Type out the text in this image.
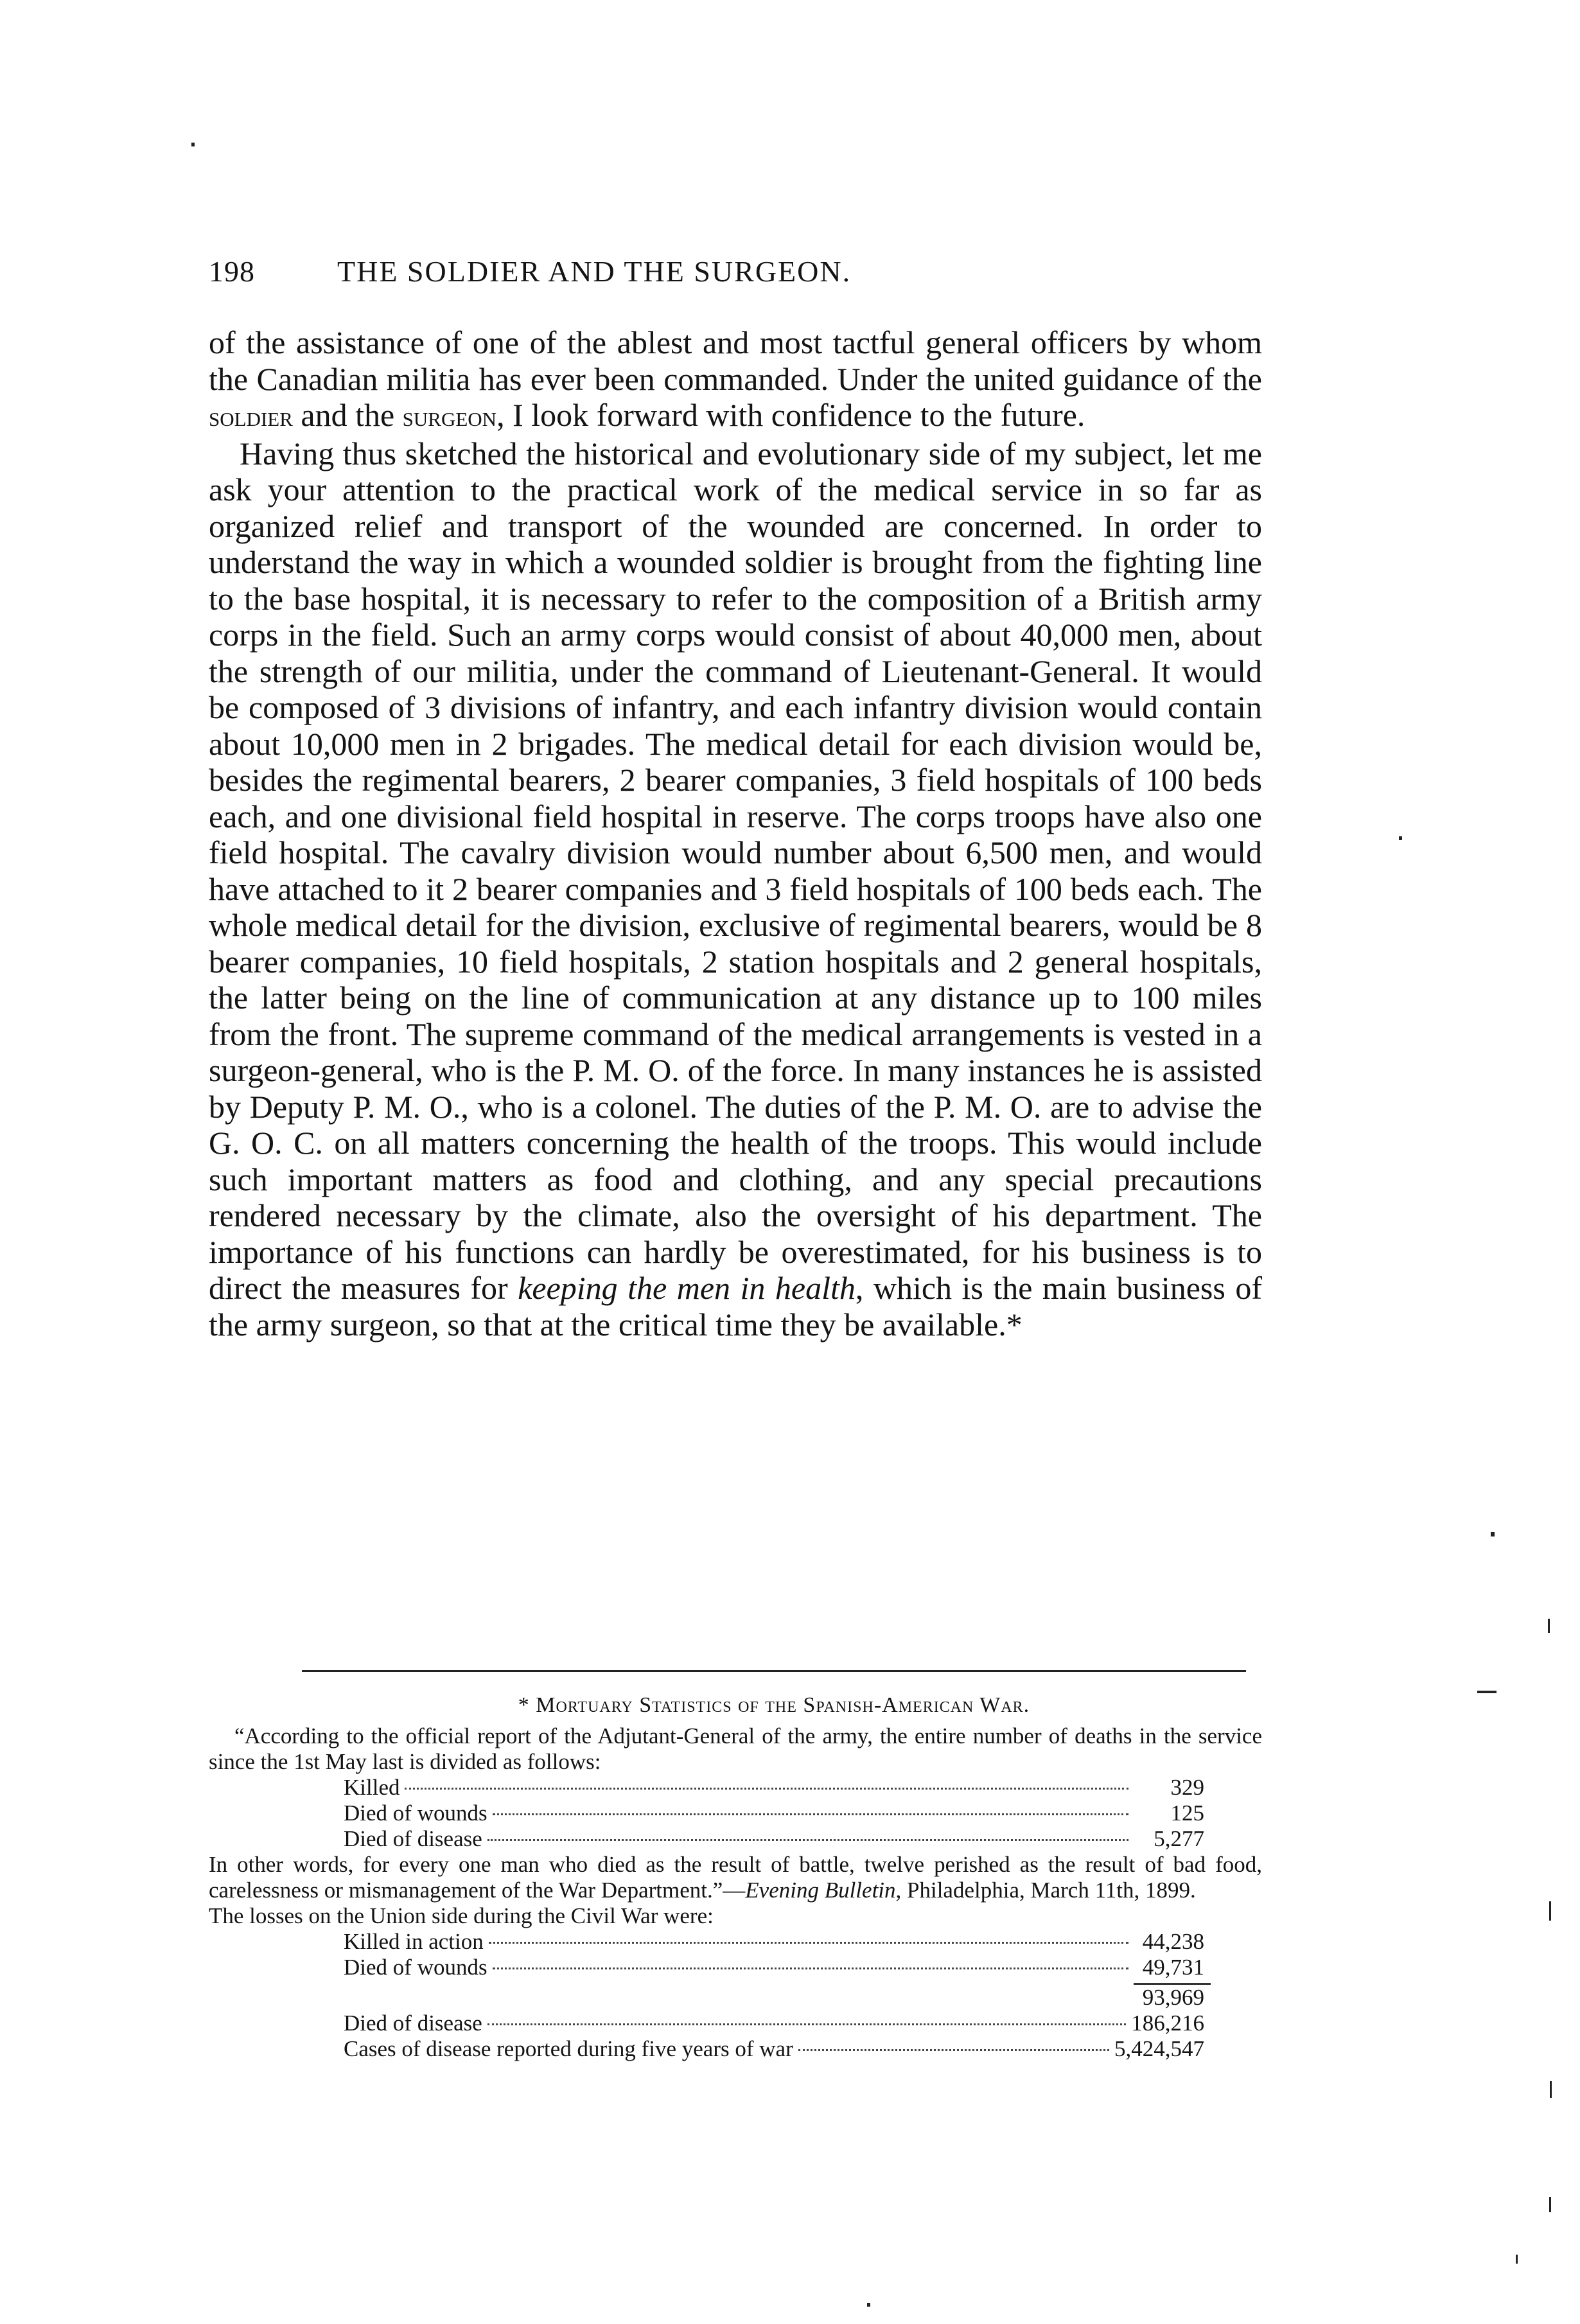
198	THE SOLDIER AND THE SURGEON.

of the assistance of one of the ablest and most tactful general officers by whom the Canadian militia has ever been commanded. Under the united guidance of the soldier and the surgeon, I look forward with confidence to the future.

Having thus sketched the historical and evolutionary side of my subject, let me ask your attention to the practical work of the medical service in so far as organized relief and transport of the wounded are concerned. In order to understand the way in which a wounded soldier is brought from the fighting line to the base hospital, it is necessary to refer to the composition of a British army corps in the field. Such an army corps would consist of about 40,000 men, about the strength of our militia, under the command of Lieutenant-General. It would be composed of 3 divisions of infantry, and each infantry division would contain about 10,000 men in 2 brigades. The medical detail for each division would be, besides the regimental bearers, 2 bearer companies, 3 field hospitals of 100 beds each, and one divisional field hospital in reserve. The corps troops have also one field hospital. The cavalry division would number about 6,500 men, and would have attached to it 2 bearer companies and 3 field hospitals of 100 beds each. The whole medical detail for the division, exclusive of regimental bearers, would be 8 bearer companies, 10 field hospitals, 2 station hospitals and 2 general hospitals, the latter being on the line of communication at any distance up to 100 miles from the front. The supreme command of the medical arrangements is vested in a surgeon-general, who is the P. M. O. of the force. In many instances he is assisted by Deputy P. M. O., who is a colonel. The duties of the P. M. O. are to advise the G. O. C. on all matters concerning the health of the troops. This would include such important matters as food and clothing, and any special precautions rendered necessary by the climate, also the oversight of his department. The importance of his functions can hardly be overestimated, for his business is to direct the measures for keeping the men in health, which is the main business of the army surgeon, so that at the critical time they be available.*

* Mortuary Statistics of the Spanish-American War.

“According to the official report of the Adjutant-General of the army, the entire number of deaths in the service since the 1st May last is divided as follows:

Killed	329
Died of wounds	125
Died of disease	5,277

In other words, for every one man who died as the result of battle, twelve perished as the result of bad food, carelessness or mismanagement of the War Department.”—Evening Bulletin, Philadelphia, March 11th, 1899.

The losses on the Union side during the Civil War were:

Killed in action	44,238
Died of wounds	49,731
93,969
Died of disease	186,216
Cases of disease reported during five years of war	5,424,547
